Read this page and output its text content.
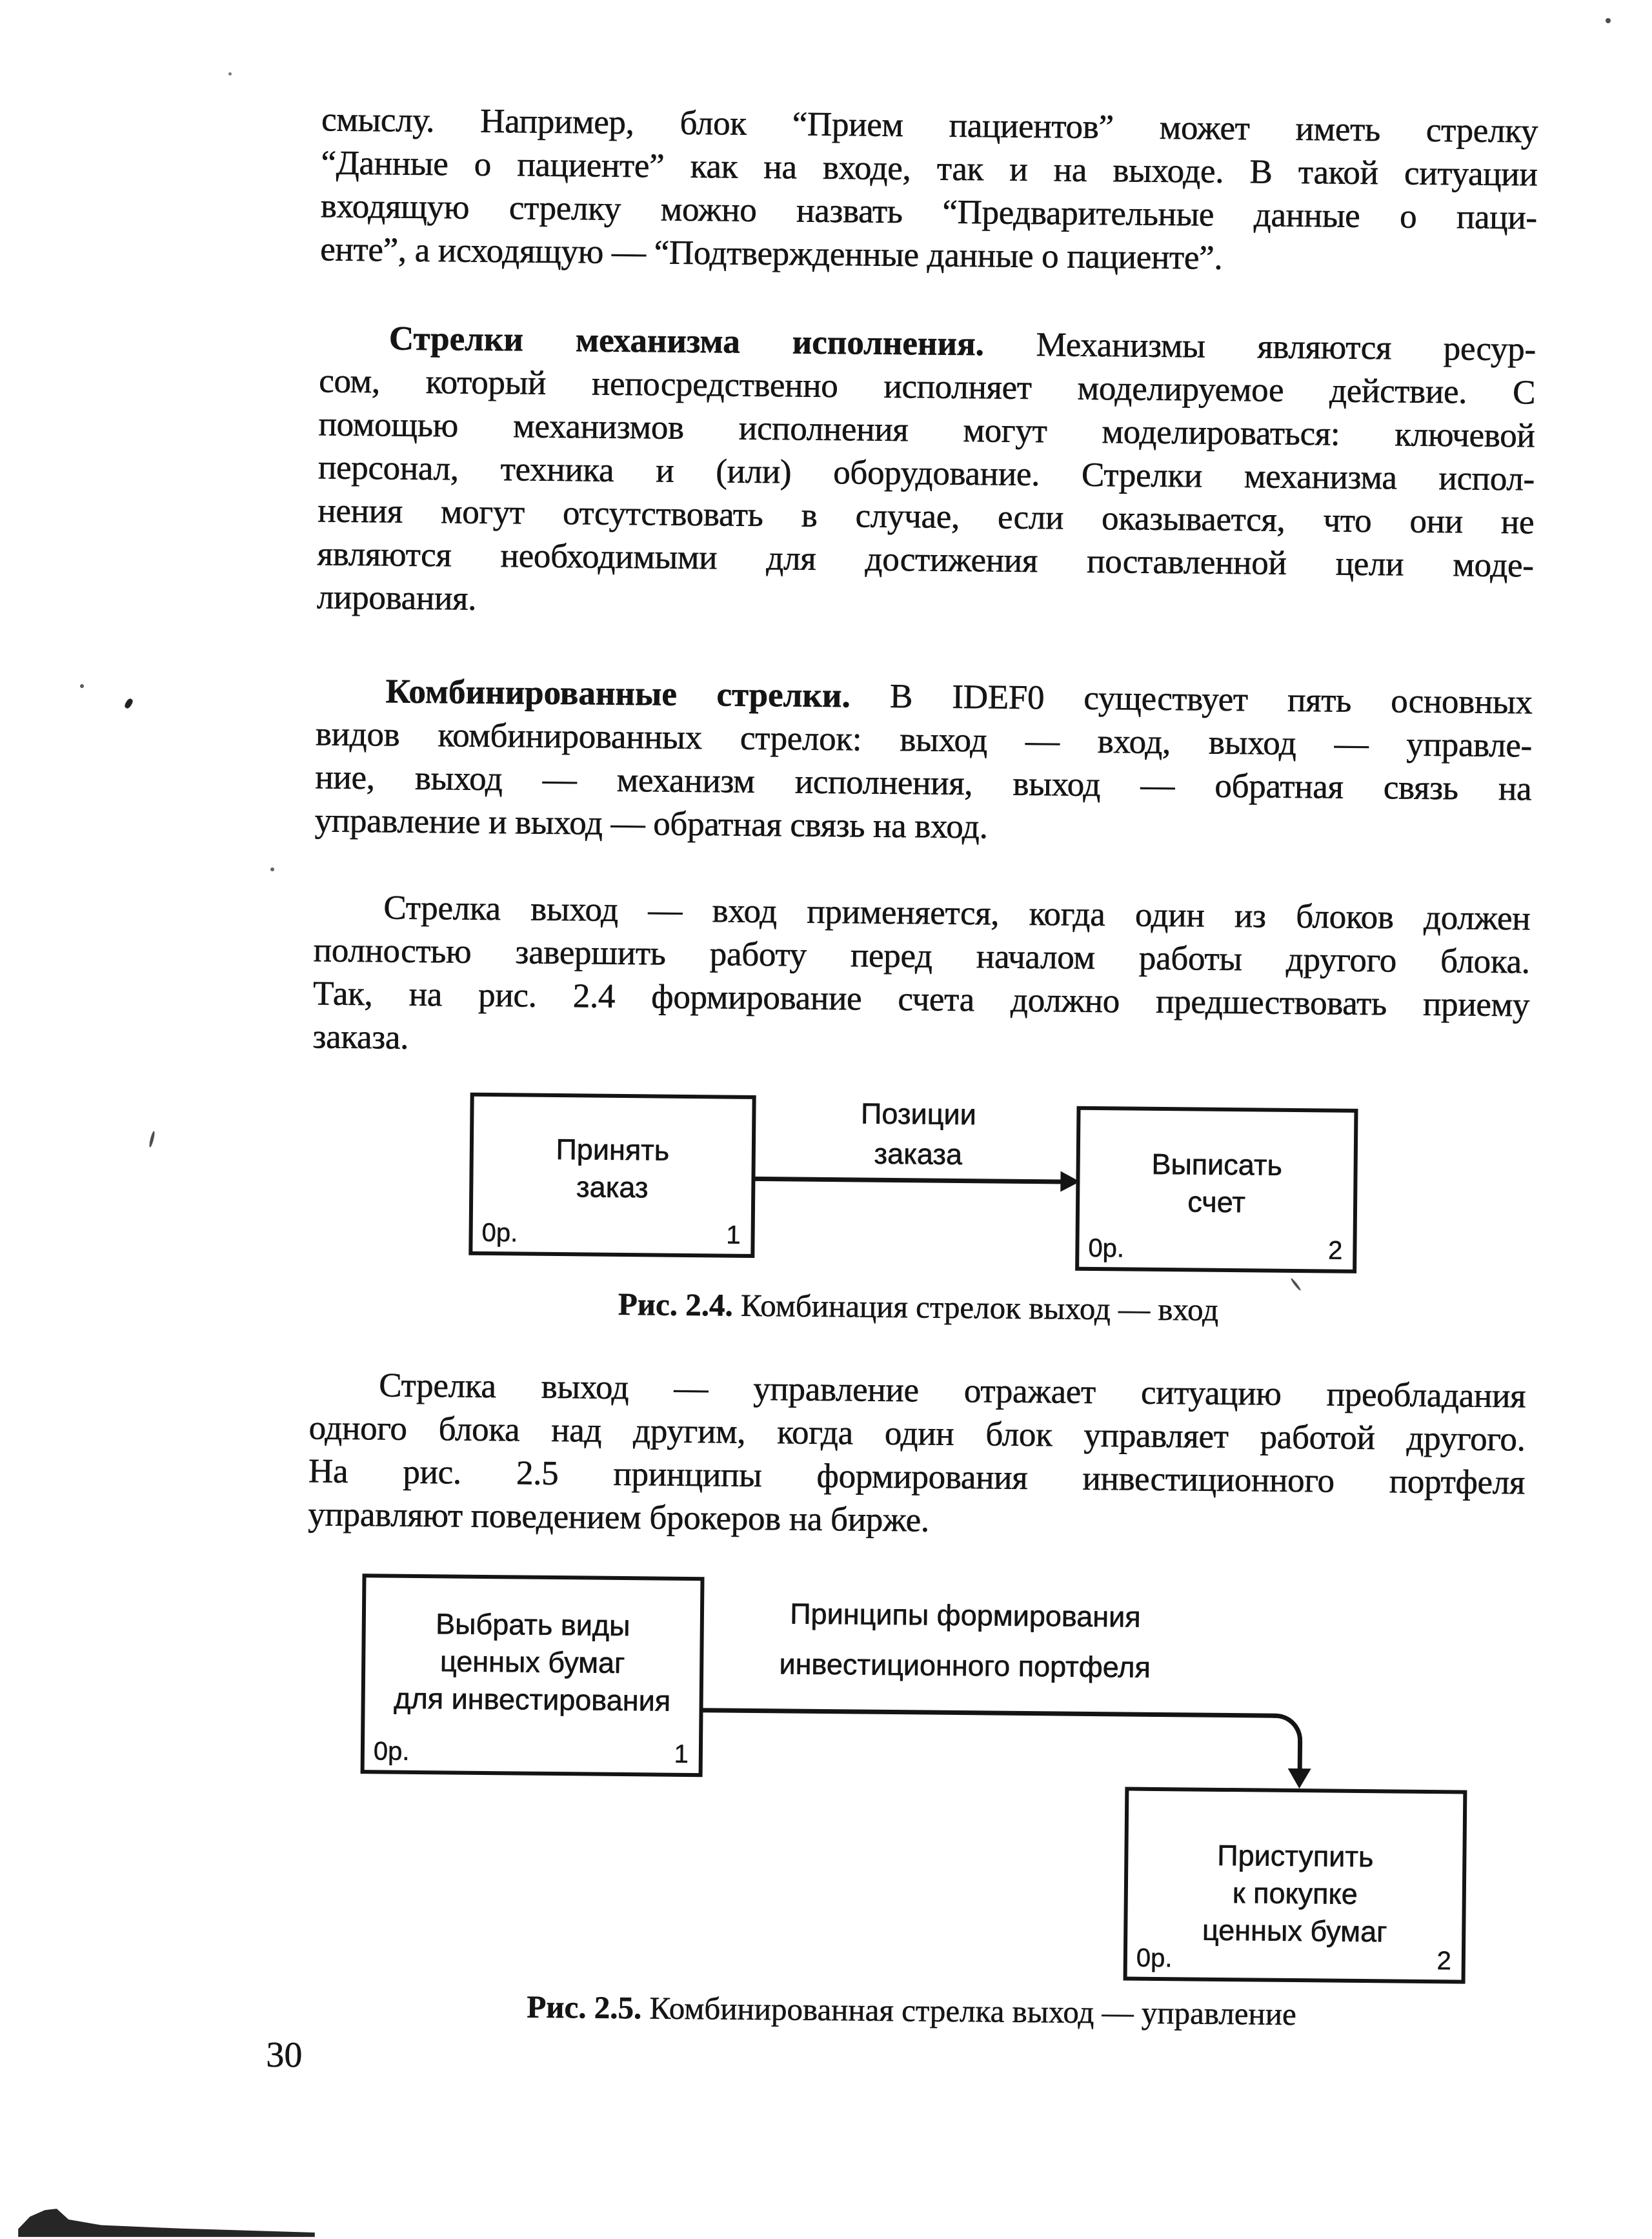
смыслу. Например, блок “Прием пациентов” может иметь стрелку
“Данные о пациенте” как на входе, так и на выходе. В такой ситуации
входящую стрелку можно назвать “Предварительные данные о паци-
енте”, а исходящую — “Подтвержденные данные о пациенте”.
Стрелки механизма исполнения. Механизмы являются ресур-
сом, который непосредственно исполняет моделируемое действие. С
помощью механизмов исполнения могут моделироваться: ключевой
персонал, техника и (или) оборудование. Стрелки механизма испол-
нения могут отсутствовать в случае, если оказывается, что они не
являются необходимыми для достижения поставленной цели моде-
лирования.
Комбинированные стрелки. В IDEF0 существует пять основных
видов комбинированных стрелок: выход — вход, выход — управле-
ние, выход — механизм исполнения, выход — обратная связь на
управление и выход — обратная связь на вход.
Стрелка выход — вход применяется, когда один из блоков должен
полностью завершить работу перед началом работы другого блока.
Так, на рис. 2.4 формирование счета должно предшествовать приему
заказа.
Принять
заказ
0р.	1
Позиции
заказа	Выписать
счет
0р.	2
Рис. 2.4. Комбинация стрелок выход — вход
Стрелка выход — управление отражает ситуацию преобладания
одного блока над другим, когда один блок управляет работой другого.
На рис. 2.5 принципы формирования инвестиционного портфеля
управляют поведением брокеров на бирже.
Выбрать виды
ценных бумаг
для инвестирования
0р.	1
Принципы формирования
инвестиционного портфеля
Приступить
к покупке
ценных бумаг
0р.	2
Рис. 2.5. Комбинированная стрелка выход — управление
30
